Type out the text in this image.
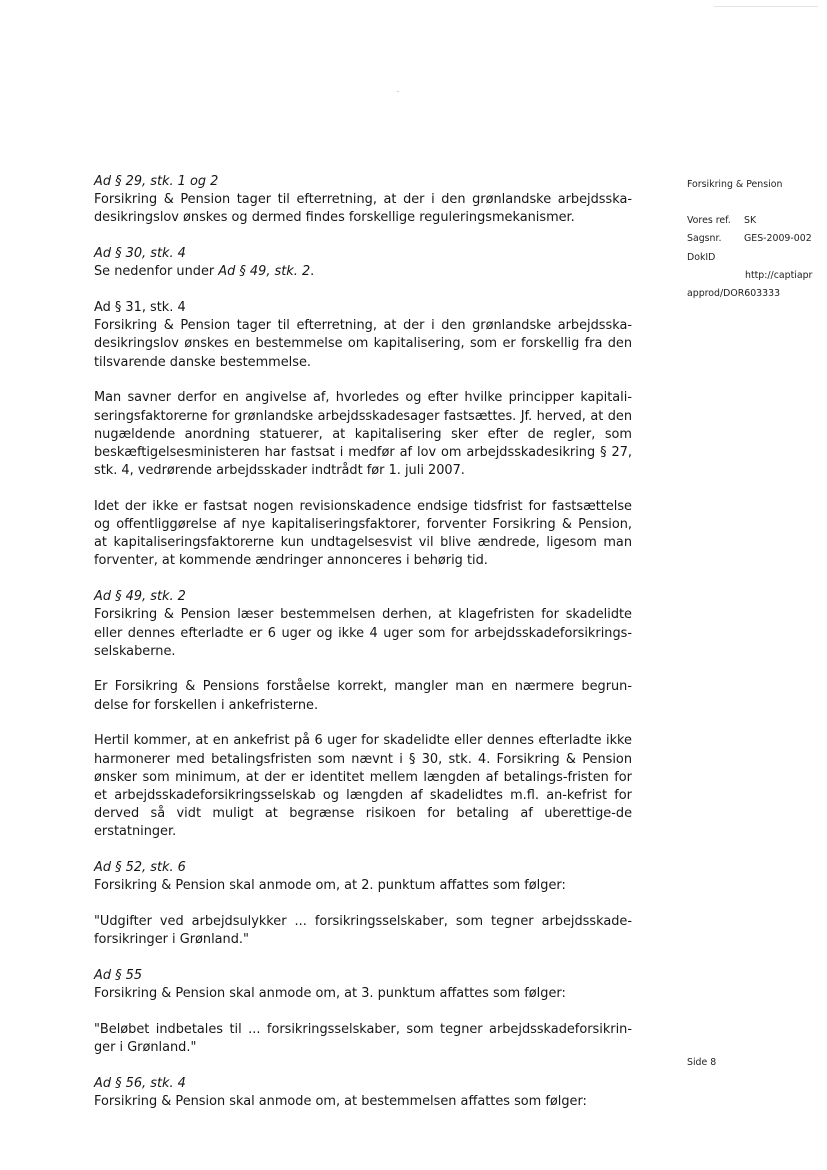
Ad § 29, stk. 1 og 2
Forsikring & Pension tager til efterretning, at der i den grønlandske arbejdsska-desikringslov ønskes og dermed findes forskellige reguleringsmekanismer.
Ad § 30, stk. 4
Se nedenfor under Ad § 49, stk. 2.
Ad § 31, stk. 4
Forsikring & Pension tager til efterretning, at der i den grønlandske arbejdsska-desikringslov ønskes en bestemmelse om kapitalisering, som er forskellig fra den tilsvarende danske bestemmelse.
Man savner derfor en angivelse af, hvorledes og efter hvilke principper kapitali-seringsfaktorerne for grønlandske arbejdsskadesager fastsættes. Jf. herved, at den nugældende anordning statuerer, at kapitalisering sker efter de regler, som beskæftigelsesministeren har fastsat i medfør af lov om arbejdsskadesikring § 27, stk. 4, vedrørende arbejdsskader indtrådt før 1. juli 2007.
Idet der ikke er fastsat nogen revisionskadence endsige tidsfrist for fastsættelse og offentliggørelse af nye kapitaliseringsfaktorer, forventer Forsikring & Pension, at kapitaliseringsfaktorerne kun undtagelsesvist vil blive ændrede, ligesom man forventer, at kommende ændringer annonceres i behørig tid.
Ad § 49, stk. 2
Forsikring & Pension læser bestemmelsen derhen, at klagefristen for skadelidte eller dennes efterladte er 6 uger og ikke 4 uger som for arbejdsskadeforsikrings-selskaberne.
Er Forsikring & Pensions forståelse korrekt, mangler man en nærmere begrun-delse for forskellen i ankefristerne.
Hertil kommer, at en ankefrist på 6 uger for skadelidte eller dennes efterladte ikke harmonerer med betalingsfristen som nævnt i § 30, stk. 4. Forsikring & Pension ønsker som minimum, at der er identitet mellem længden af betalings-fristen for et arbejdsskadeforsikringsselskab og længden af skadelidtes m.fl. an-kefrist for derved så vidt muligt at begrænse risikoen for betaling af uberettige-de erstatninger.
Ad § 52, stk. 6
Forsikring & Pension skal anmode om, at 2. punktum affattes som følger:
"Udgifter ved arbejdsulykker ... forsikringsselskaber, som tegner arbejdsskade-forsikringer i Grønland."
Ad § 55
Forsikring & Pension skal anmode om, at 3. punktum affattes som følger:
"Beløbet indbetales til ... forsikringsselskaber, som tegner arbejdsskadeforsikrin-ger i Grønland."
Ad § 56, stk. 4
Forsikring & Pension skal anmode om, at bestemmelsen affattes som følger:
Forsikring & Pension
Vores ref. SK
Sagsnr. GES-2009-002
DokID
http://captiapr
approd/DOR603333
Side 8
